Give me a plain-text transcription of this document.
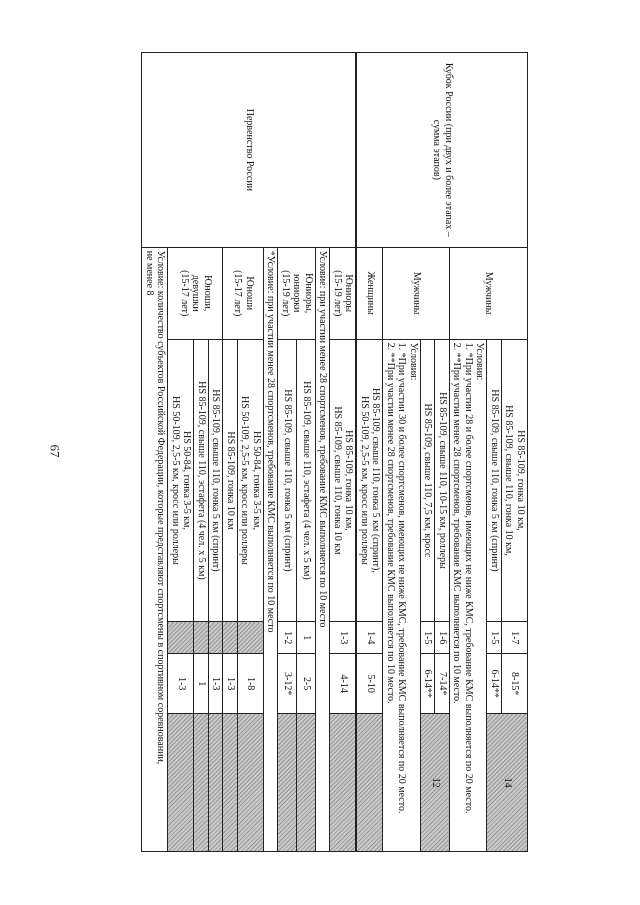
67
Кубок России (при двух и более этапах – сумма этапов)	Мужчины	HS 85-109, гонка 10 км,
HS 85-109, свыше 110, гонка 10 км,	1-7	8-15*	14
		HS 85-109, свыше 110, гонка 5 км (спринт)	1-5	6-14**	

		Условия:
1. *При участии 28 и более спортсменов, имеющих не ниже КМС, требование КМС выполняется по 20 место.
2. **При участии менее 28 спортсменов, требование КМС выполняется по 10 место.			

	Мужчины	HS 85-109, свыше 110, 10-15 км, роллеры	1-6	7-14*	12
		HS 85-109, свыше 110, 7,5 км, кросс	1-5	6-14**	

		Условия:
1. *При участии 30 и более спортсменов, имеющих не ниже КМС, требование КМС выполняется по 20 место.
2. **При участии менее 28 спортсменов, требование КМС выполняется по 10 место.			

	Женщины	HS 85-109, свыше 110, гонка 5 км (спринт),
HS 50-109, 2,5-5 км, кросс или роллеры	1-4	5-10	
Первенство России	Юниоры
(15-19 лет)	HS 85-109, гонка 10 км,
HS 85-109, свыше 110, гонка 10 км	1-3	4-14	
	Условие: при участии менее 28 спортсменов, требование КМС выполняется по 10 место				

	Юниоры,
юниорки
(15-19 лет)	HS 85-109, свыше 110, эстафета (4 чел. х 5 км)	1	2-5	
		HS 85-109, свыше 110, гонка 5 км (спринт)	1-2	3-12*	
	*Условие: при участии менее 28 спортсменов, требование КМС выполняется по 10 место				

	Юноши
(15-17 лет)	HS 50-84, гонка 3-5 км,
HS 50-109, 2,5-5 км, кросс или роллеры		1-8	
		HS 85-109, гонка 10 км		1-3	

	Юноши,
девушки
(15-17 лет)	HS 85-109, свыше 110, гонка 5 км (спринт)		1-3	
		HS 85-109, свыше 110, эстафета (4 чел. х 5 км)		1	

		HS 50-84, гонка 3-5 км,
HS 50-109, 2,5-5 км, кросс или роллеры		1-3	

	Условие: количество субъектов Российской Федерации, которые представляют спортсмены в спортивном соревновании,
не менее 8				
